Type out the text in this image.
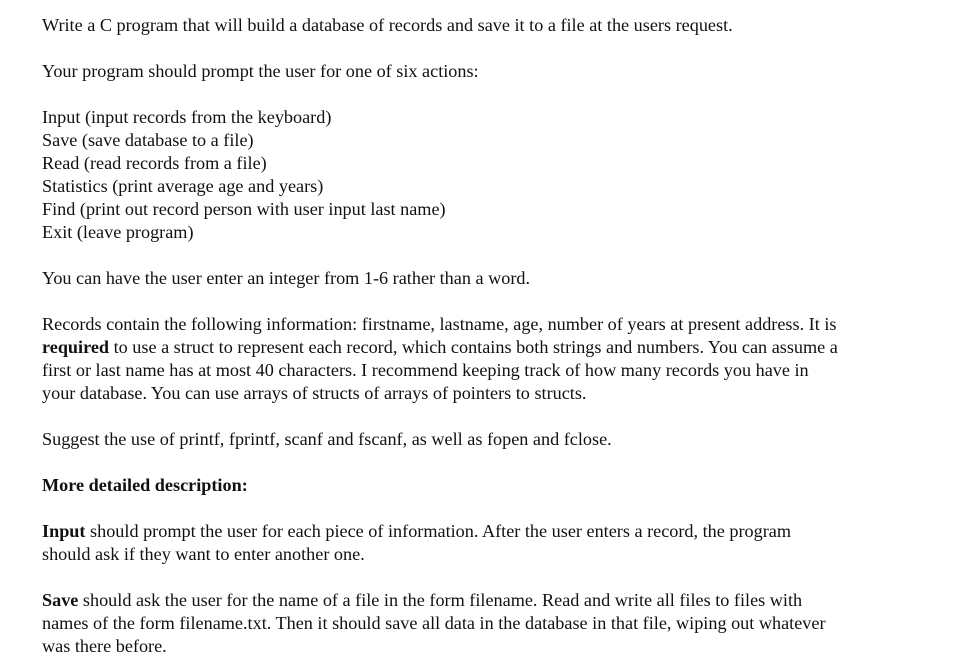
Write a C program that will build a database of records and save it to a file at the users request.
Your program should prompt the user for one of six actions:
Input (input records from the keyboard)
Save (save database to a file)
Read (read records from a file)
Statistics (print average age and years)
Find (print out record person with user input last name)
Exit (leave program)
You can have the user enter an integer from 1-6 rather than a word.
Records contain the following information: firstname, lastname, age, number of years at present address. It is
required to use a struct to represent each record, which contains both strings and numbers. You can assume a
first or last name has at most 40 characters. I recommend keeping track of how many records you have in
your database. You can use arrays of structs of arrays of pointers to structs.
Suggest the use of printf, fprintf, scanf and fscanf, as well as fopen and fclose.
More detailed description:
Input should prompt the user for each piece of information. After the user enters a record, the program
should ask if they want to enter another one.
Save should ask the user for the name of a file in the form filename. Read and write all files to files with
names of the form filename.txt. Then it should save all data in the database in that file, wiping out whatever
was there before.
